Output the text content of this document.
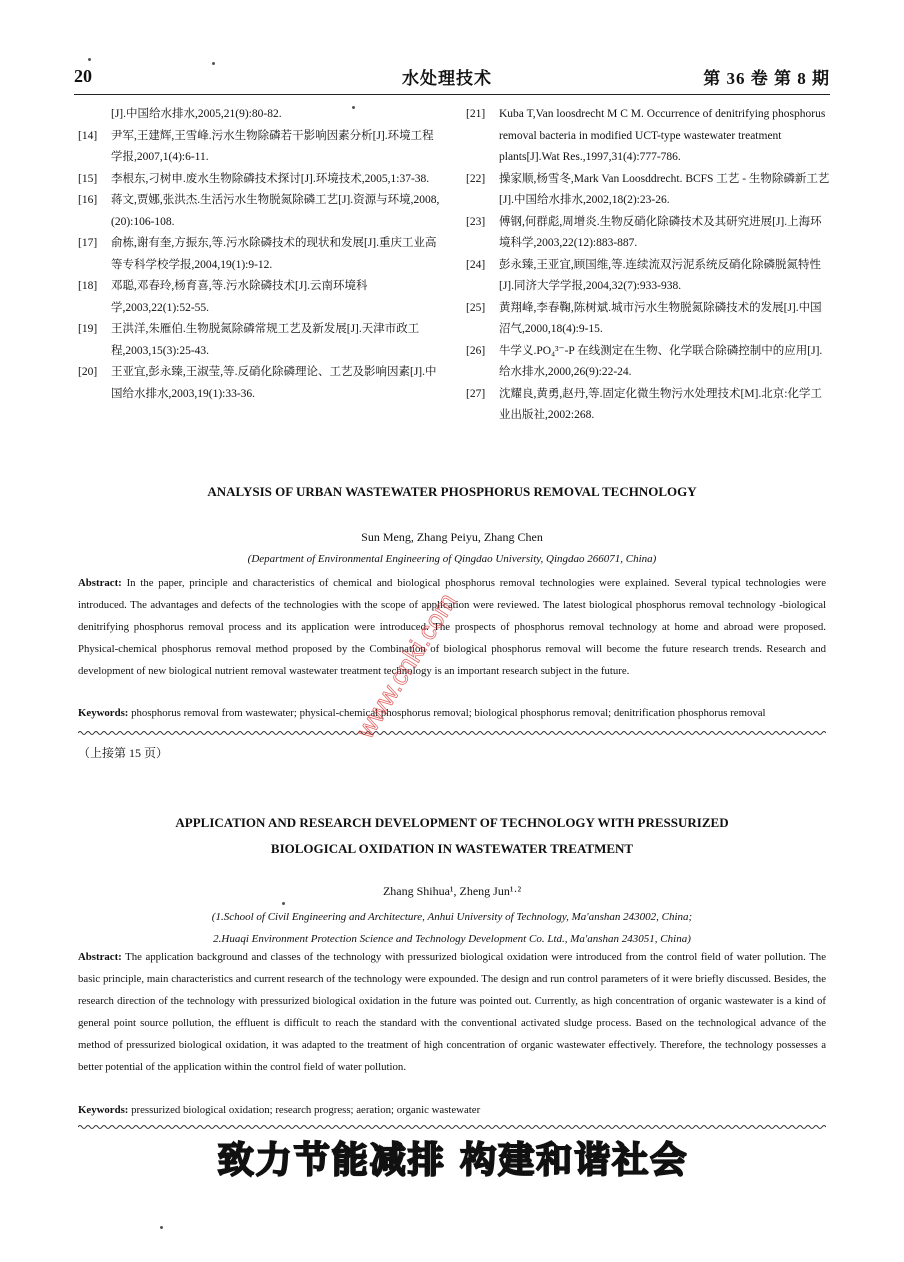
20	水处理技术	第 36 卷 第 8 期
[J].中国给水排水,2005,21(9):80-82.
[14] 尹军,王建辉,王雪峰.污水生物除磷若干影响因素分析[J].环境工程学报,2007,1(4):6-11.
[15] 李根东,刁树申.废水生物除磷技术探讨[J].环境技术,2005,1:37-38.
[16] 蒋文,贾娜,张洪杰.生活污水生物脱氮除磷工艺[J].资源与环境,2008,(20):106-108.
[17] 俞栋,谢有奎,方振东,等.污水除磷技术的现状和发展[J].重庆工业高等专科学校学报,2004,19(1):9-12.
[18] 邓聪,邓春玲,杨育喜,等.污水除磷技术[J].云南环境科学,2003,22(1):52-55.
[19] 王洪洋,朱雁伯.生物脱氮除磷常规工艺及新发展[J].天津市政工程,2003,15(3):25-43.
[20] 王亚宜,彭永臻,王淑莹,等.反硝化除磷理论、工艺及影响因素[J].中国给水排水,2003,19(1):33-36.
[21] Kuba T,Van loosdrecht M C M. Occurrence of denitrifying phosphorus removal bacteria in modified UCT-type wastewater treatment plants[J].Wat Res.,1997,31(4):777-786.
[22] 操家顺,杨雪冬,Mark Van Loosddrecht. BCFS 工艺 - 生物除磷新工艺[J].中国给水排水,2002,18(2):23-26.
[23] 傅钢,何群彪,周增炎.生物反硝化除磷技术及其研究进展[J].上海环境科学,2003,22(12):883-887.
[24] 彭永臻,王亚宜,顾国维,等.连续流双污泥系统反硝化除磷脱氮特性[J].同济大学学报,2004,32(7):933-938.
[25] 黄翔峰,李春鞠,陈树斌.城市污水生物脱氮除磷技术的发展[J].中国沼气,2000,18(4):9-15.
[26] 牛学义.PO₄³⁻-P 在线测定在生物、化学联合除磷控制中的应用[J].给水排水,2000,26(9):22-24.
[27] 沈耀良,黄勇,赵丹,等.固定化微生物污水处理技术[M].北京:化学工业出版社,2002:268.
ANALYSIS OF URBAN WASTEWATER PHOSPHORUS REMOVAL TECHNOLOGY
Sun Meng, Zhang Peiyu, Zhang Chen
(Department of Environmental Engineering of Qingdao University, Qingdao 266071, China)
Abstract: In the paper, principle and characteristics of chemical and biological phosphorus removal technologies were explained. Several typical technologies were introduced. The advantages and defects of the technologies with the scope of application were reviewed. The latest biological phosphorus removal technology -biological denitrifying phosphorus removal process and its application were introduced. The prospects of phosphorus removal technology at home and abroad were proposed. Physical-chemical phosphorus removal method proposed by the Combination of biological phosphorus removal will become the future research trends. Research and development of new biological nutrient removal wastewater treatment technology is an important research subject in the future.
Keywords: phosphorus removal from wastewater; physical-chemical phosphorus removal; biological phosphorus removal; denitrification phosphorus removal
（上接第 15 页）
APPLICATION AND RESEARCH DEVELOPMENT OF TECHNOLOGY WITH PRESSURIZED
BIOLOGICAL OXIDATION IN WASTEWATER TREATMENT
Zhang Shihua¹, Zheng Jun¹·²
(1.School of Civil Engineering and Architecture, Anhui University of Technology, Ma'anshan 243002, China;
2.Huaqi Environment Protection Science and Technology Development Co. Ltd., Ma'anshan 243051, China)
Abstract: The application background and classes of the technology with pressurized biological oxidation were introduced from the control field of water pollution. The basic principle, main characteristics and current research of the technology were expounded. The design and run control parameters of it were briefly discussed. Besides, the research direction of the technology with pressurized biological oxidation in the future was pointed out. Currently, as high concentration of organic wastewater is a kind of general point source pollution, the effluent is difficult to reach the standard with the conventional activated sludge process. Based on the technological advance of the method of pressurized biological oxidation, it was adapted to the treatment of high concentration of organic wastewater effectively. Therefore, the technology possesses a better potential of the application within the control field of water pollution.
Keywords: pressurized biological oxidation; research progress; aeration; organic wastewater
致力节能减排 构建和谐社会
www.cnki.com
